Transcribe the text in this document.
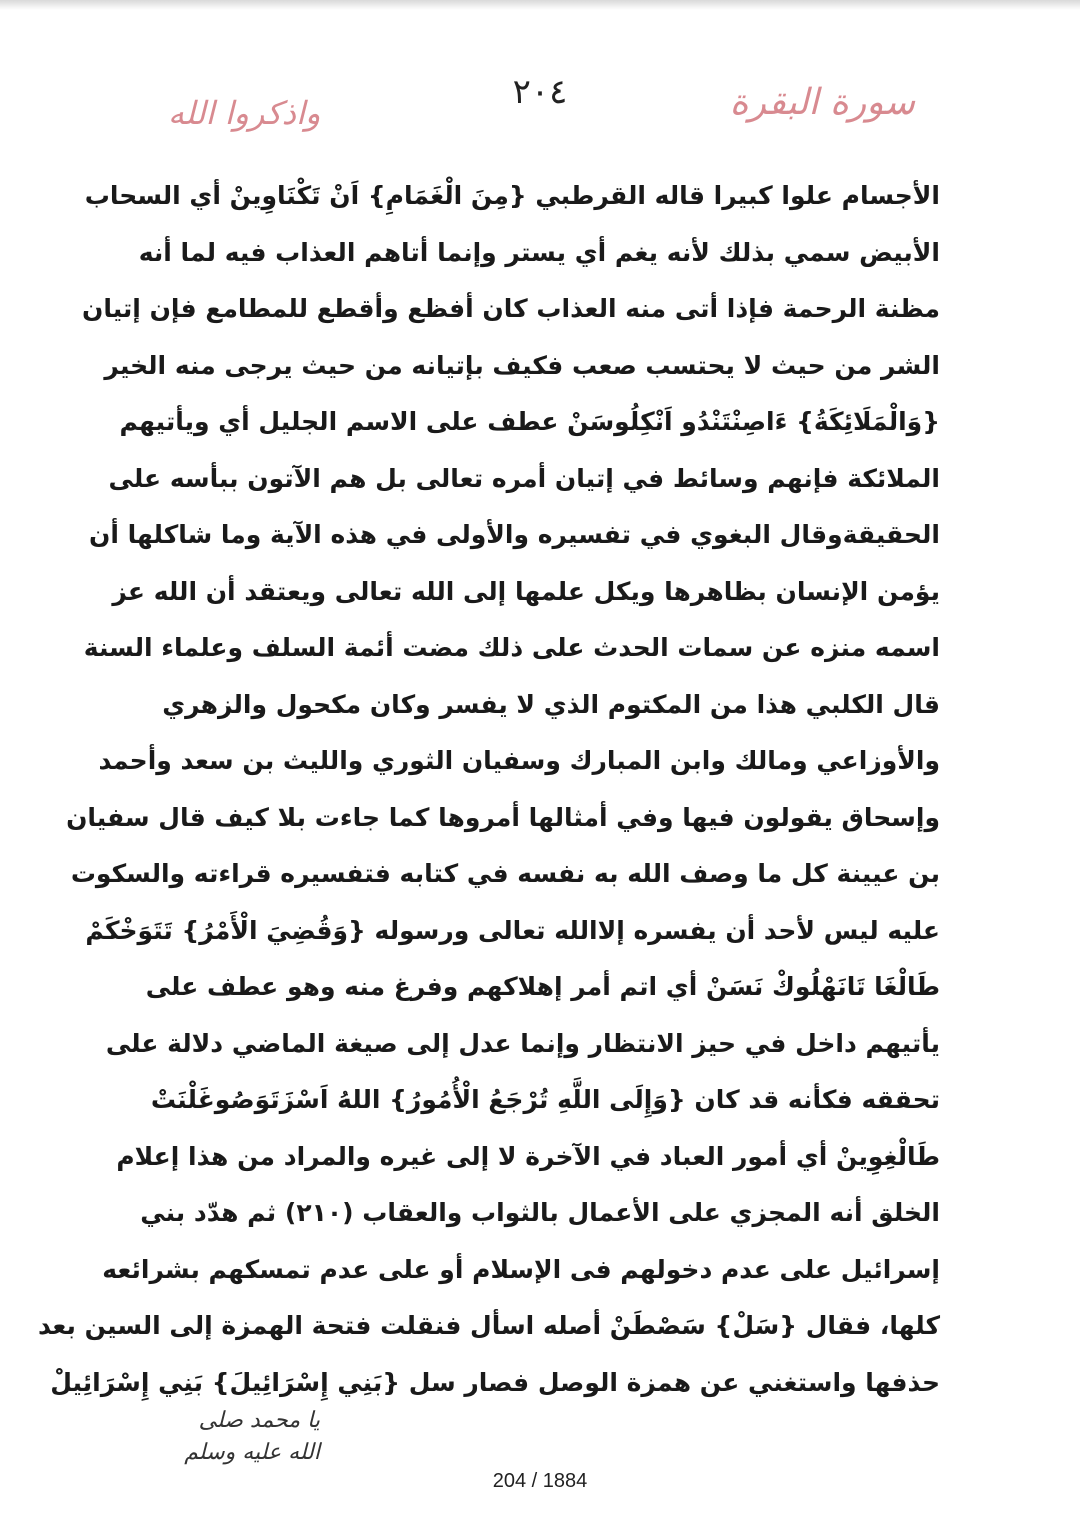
سورة البقرة
٢٠٤
واذكروا الله
الأجسام علوا كبيرا قاله القرطبي {مِنَ الْغَمَامِ} اَنْ تَكْنَاوِينْ أي السحاب
الأبيض سمي بذلك لأنه يغم أي يستر وإنما أتاهم العذاب فيه لما أنه
مظنة الرحمة فإذا أتى منه العذاب كان أفظع وأقطع للمطامع فإن إتيان
الشر من حيث لا يحتسب صعب فكيف بإتيانه من حيث يرجى منه الخير
{وَالْمَلَائِكَةُ} ءَاصِنْتَنْدُو اَنْكِلُوسَنْ عطف على الاسم الجليل أي ويأتيهم
الملائكة فإنهم وسائط في إتيان أمره تعالى بل هم الآتون ببأسه على
الحقيقةوقال البغوي في تفسيره والأولى في هذه الآية وما شاكلها أن
يؤمن الإنسان بظاهرها ويكل علمها إلى الله تعالى ويعتقد أن الله عز
اسمه منزه عن سمات الحدث على ذلك مضت أئمة السلف وعلماء السنة
قال الكلبي هذا من المكتوم الذي لا يفسر وكان مكحول والزهري
والأوزاعي ومالك وابن المبارك وسفيان الثوري والليث بن سعد وأحمد
وإسحاق يقولون فيها وفي أمثالها أمروها كما جاءت بلا كيف قال سفيان
بن عيينة كل ما وصف الله به نفسه في كتابه فتفسيره قراءته والسكوت
عليه ليس لأحد أن يفسره إلاالله تعالى ورسوله {وَقُضِيَ الْأَمْرُ} تَتَوَخْكَمْ
طَالْغَا تَانَهْلُوكْ نَسَنْ أي اتم أمر إهلاكهم وفرغ منه وهو عطف على
يأتيهم داخل في حيز الانتظار وإنما عدل إلى صيغة الماضي دلالة على
تحققه فكأنه قد كان {وَإِلَى اللَّهِ تُرْجَعُ الْأُمُورُ} اللهُ اَسْزَتَوَصُوغَلْنَتْ
طَالْغِوِينْ أي أمور العباد في الآخرة لا إلى غيره والمراد من هذا إعلام
الخلق أنه المجزي على الأعمال بالثواب والعقاب (٢١٠) ثم هدّد بني
إسرائيل على عدم دخولهم فى الإسلام أو على عدم تمسكهم بشرائعه
كلها، فقال {سَلْ} سَصْطَنْ أصله اسأل فنقلت فتحة الهمزة إلى السين بعد
حذفها واستغني عن همزة الوصل فصار سل {بَنِي إِسْرَائِيلَ} بَنِي إِسْرَائِيلْ
يا محمد صلى
الله عليه وسلم
204 / 1884
